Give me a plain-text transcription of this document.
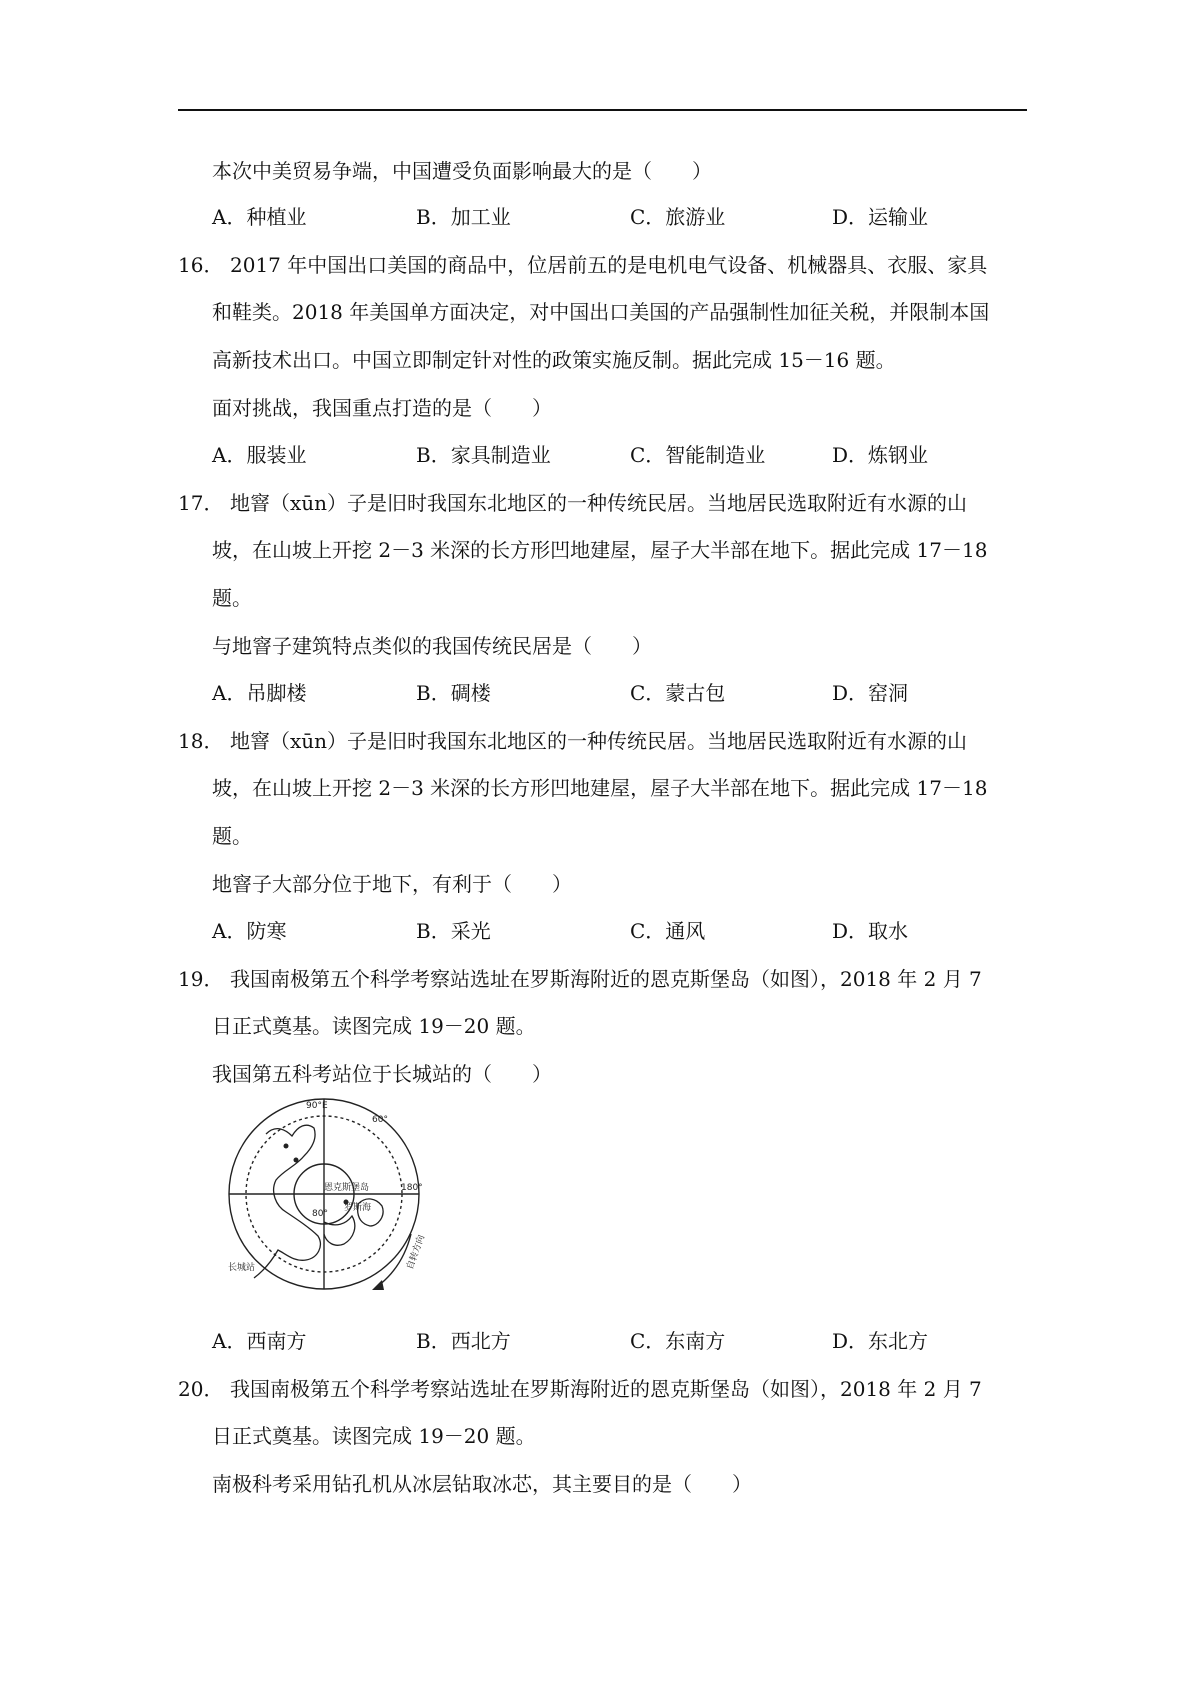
本次中美贸易争端，中国遭受负面影响最大的是（　　）
A．种植业	B．加工业	C．旅游业	D．运输业
16． 2017 年中国出口美国的商品中，位居前五的是电机电气设备、机械器具、衣服、家具
和鞋类。2018 年美国单方面决定，对中国出口美国的产品强制性加征关税，并限制本国
高新技术出口。中国立即制定针对性的政策实施反制。据此完成 15－16 题。
面对挑战，我国重点打造的是（　　）
A．服装业	B．家具制造业	C．智能制造业	D．炼钢业
17． 地窨（xūn）子是旧时我国东北地区的一种传统民居。当地居民选取附近有水源的山
坡，在山坡上开挖 2－3 米深的长方形凹地建屋，屋子大半部在地下。据此完成 17－18
题。
与地窨子建筑特点类似的我国传统民居是（　　）
A．吊脚楼	B．碉楼	C．蒙古包	D．窑洞
18． 地窨（xūn）子是旧时我国东北地区的一种传统民居。当地居民选取附近有水源的山
坡，在山坡上开挖 2－3 米深的长方形凹地建屋，屋子大半部在地下。据此完成 17－18
题。
地窨子大部分位于地下，有利于（　　）
A．防寒	B．采光	C．通风	D．取水
19． 我国南极第五个科学考察站选址在罗斯海附近的恩克斯堡岛（如图），2018 年 2 月 7
日正式奠基。读图完成 19－20 题。
我国第五科考站位于长城站的（　　）
90°E
60°
180°
80°
恩克斯堡岛
罗斯海
长城站	自转方向
A．西南方	B．西北方	C．东南方	D．东北方
20． 我国南极第五个科学考察站选址在罗斯海附近的恩克斯堡岛（如图），2018 年 2 月 7
日正式奠基。读图完成 19－20 题。
南极科考采用钻孔机从冰层钻取冰芯，其主要目的是（　　）
